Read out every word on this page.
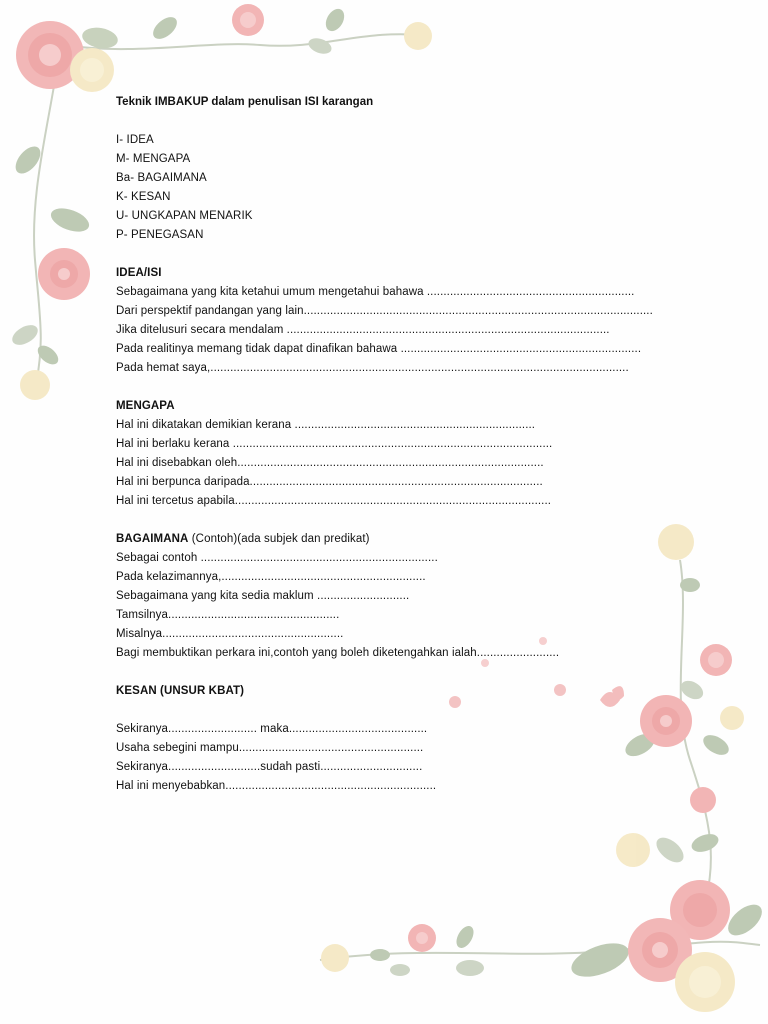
Teknik IMBAKUP dalam penulisan ISI karangan
I- IDEA
M- MENGAPA
Ba- BAGAIMANA
K- KESAN
U- UNGKAPAN MENARIK
P- PENEGASAN
IDEA/ISI
Sebagaimana yang kita ketahui umum mengetahui bahawa ...............................................................
Dari perspektif pandangan yang lain..........................................................................................................
Jika ditelusuri secara mendalam ..................................................................................................
Pada realitinya memang tidak dapat dinafikan bahawa .........................................................................
Pada hemat saya,...............................................................................................................................
MENGAPA
Hal ini dikatakan demikian kerana .........................................................................
Hal ini berlaku kerana .................................................................................................
Hal ini disebabkan oleh.............................................................................................
Hal ini berpunca daripada.........................................................................................
Hal ini tercetus apabila................................................................................................
BAGAIMANA (Contoh)(ada subjek dan predikat)
Sebagai contoh ........................................................................
Pada kelazimannya,..............................................................
Sebagaimana yang kita sedia maklum ............................
Tamsilnya....................................................
Misalnya.......................................................
Bagi membuktikan perkara ini,contoh yang boleh diketengahkan ialah.........................
KESAN (UNSUR KBAT)
Sekiranya........................... maka..........................................
Usaha sebegini mampu........................................................
Sekiranya............................sudah pasti...............................
Hal ini menyebabkan................................................................
